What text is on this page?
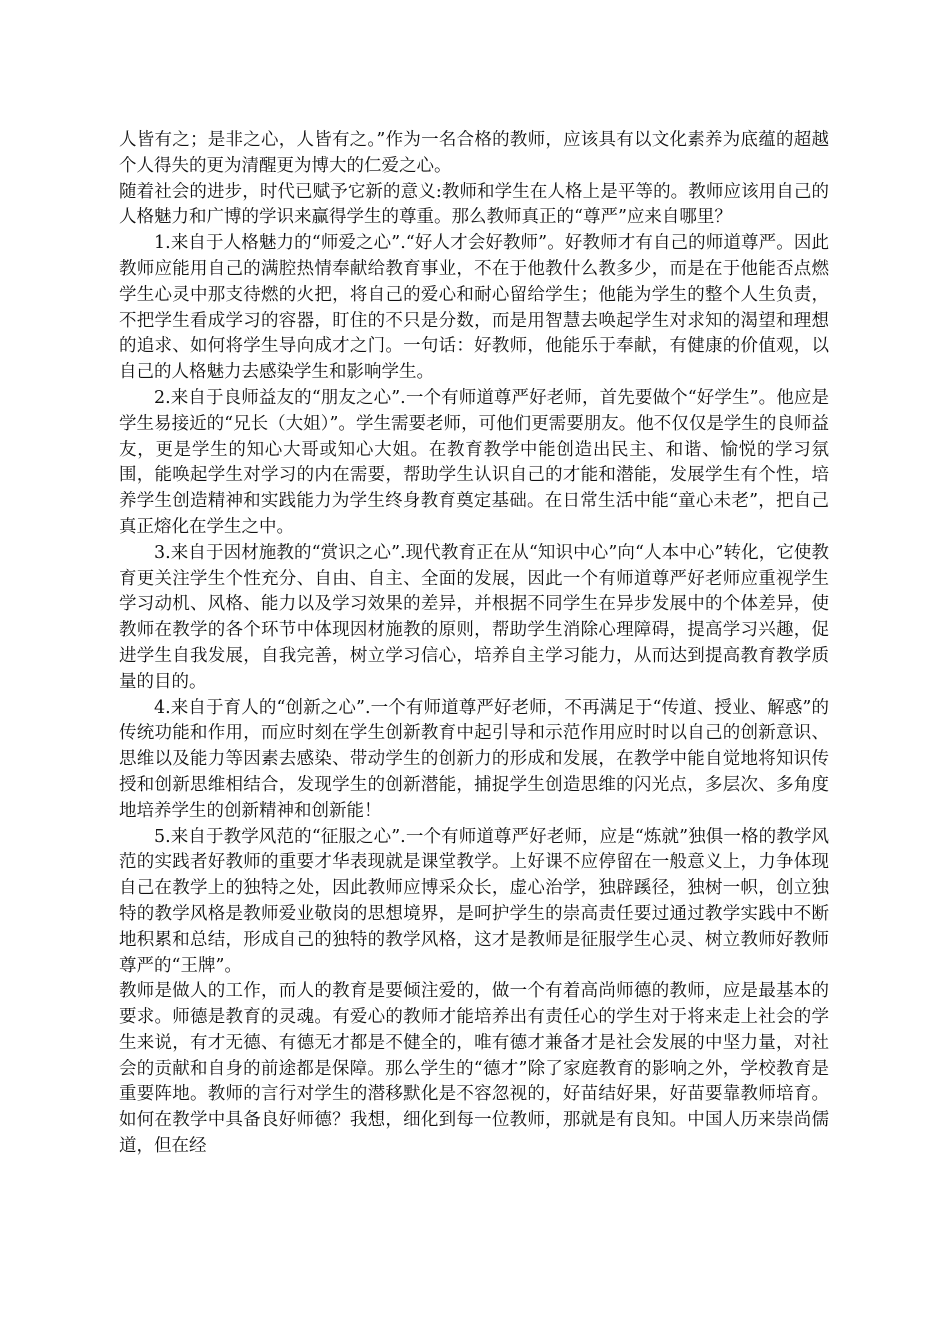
人皆有之；是非之心，人皆有之。”作为一名合格的教师，应该具有以文化素养为底蕴的超越个人得失的更为清醒更为博大的仁爱之心。

随着社会的进步，时代已赋予它新的意义:教师和学生在人格上是平等的。教师应该用自己的人格魅力和广博的学识来赢得学生的尊重。那么教师真正的“尊严”应来自哪里？

1.来自于人格魅力的“师爱之心”.“好人才会好教师”。好教师才有自己的师道尊严。因此教师应能用自己的满腔热情奉献给教育事业，不在于他教什么教多少，而是在于他能否点燃学生心灵中那支待燃的火把，将自己的爱心和耐心留给学生；他能为学生的整个人生负责，不把学生看成学习的容器，盯住的不只是分数，而是用智慧去唤起学生对求知的渴望和理想的追求、如何将学生导向成才之门。一句话：好教师，他能乐于奉献，有健康的价值观，以自己的人格魅力去感染学生和影响学生。

2.来自于良师益友的“朋友之心”.一个有师道尊严好老师，首先要做个“好学生”。他应是学生易接近的“兄长（大姐）”。学生需要老师，可他们更需要朋友。他不仅仅是学生的良师益友，更是学生的知心大哥或知心大姐。在教育教学中能创造出民主、和谐、愉悦的学习氛围，能唤起学生对学习的内在需要，帮助学生认识自己的才能和潜能，发展学生有个性，培养学生创造精神和实践能力为学生终身教育奠定基础。在日常生活中能“童心未老”，把自己真正熔化在学生之中。

3.来自于因材施教的“赏识之心”.现代教育正在从“知识中心”向“人本中心”转化，它使教育更关注学生个性充分、自由、自主、全面的发展，因此一个有师道尊严好老师应重视学生学习动机、风格、能力以及学习效果的差异，并根据不同学生在异步发展中的个体差异，使教师在教学的各个环节中体现因材施教的原则，帮助学生消除心理障碍，提高学习兴趣，促进学生自我发展，自我完善，树立学习信心，培养自主学习能力，从而达到提高教育教学质量的目的。

4.来自于育人的“创新之心”.一个有师道尊严好老师，不再满足于“传道、授业、解惑”的传统功能和作用，而应时刻在学生创新教育中起引导和示范作用应时时以自己的创新意识、思维以及能力等因素去感染、带动学生的创新力的形成和发展，在教学中能自觉地将知识传授和创新思维相结合，发现学生的创新潜能，捕捉学生创造思维的闪光点，多层次、多角度地培养学生的创新精神和创新能！

5.来自于教学风范的“征服之心”.一个有师道尊严好老师，应是“炼就”独俱一格的教学风范的实践者好教师的重要才华表现就是课堂教学。上好课不应停留在一般意义上，力争体现自己在教学上的独特之处，因此教师应博采众长，虚心治学，独辟蹊径，独树一帜，创立独特的教学风格是教师爱业敬岗的思想境界，是呵护学生的崇高责任要过通过教学实践中不断地积累和总结，形成自己的独特的教学风格，这才是教师是征服学生心灵、树立教师好教师尊严的“王牌”。

教师是做人的工作，而人的教育是要倾注爱的，做一个有着高尚师德的教师，应是最基本的要求。师德是教育的灵魂。有爱心的教师才能培养出有责任心的学生对于将来走上社会的学生来说，有才无德、有德无才都是不健全的，唯有德才兼备才是社会发展的中坚力量，对社会的贡献和自身的前途都是保障。那么学生的“德才”除了家庭教育的影响之外，学校教育是重要阵地。教师的言行对学生的潜移默化是不容忽视的，好苗结好果，好苗要靠教师培育。如何在教学中具备良好师德？我想，细化到每一位教师，那就是有良知。中国人历来崇尚儒道，但在经
